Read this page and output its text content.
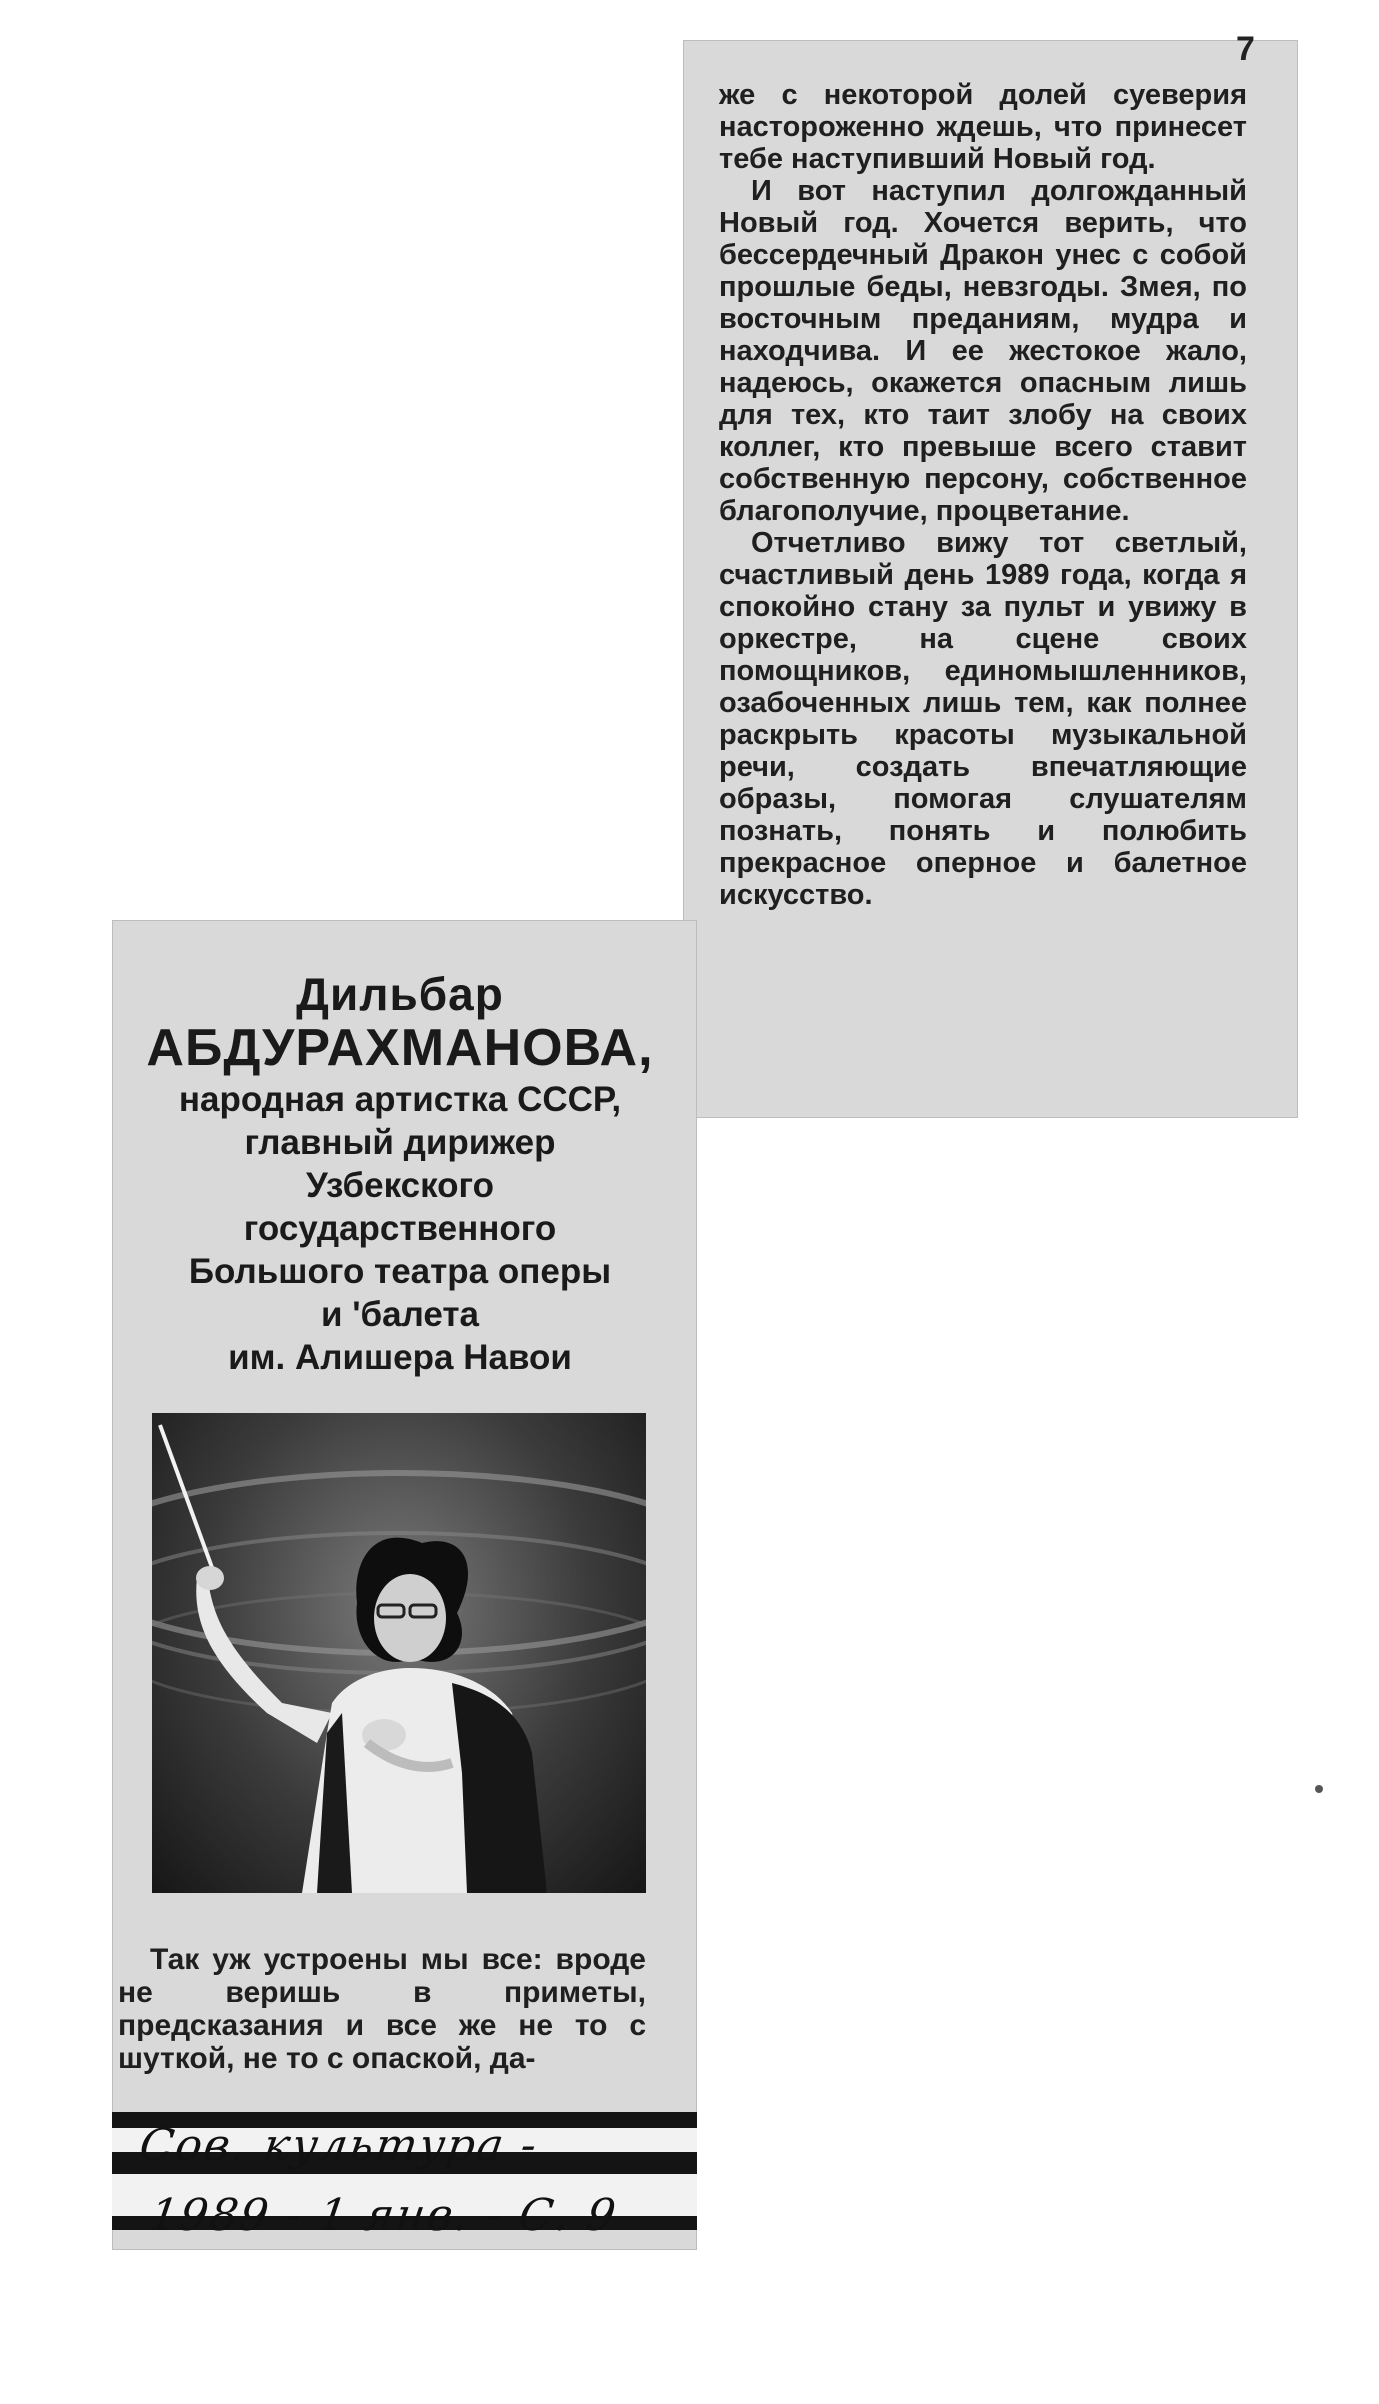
7

же с некоторой долей суеверия настороженно ждешь, что принесет тебе наступивший Новый год.

И вот наступил долгожданный Новый год. Хочется верить, что бессердечный Дракон унес с собой прошлые беды, невзгоды. Змея, по восточным преданиям, мудра и находчива. И ее жестокое жало, надеюсь, окажется опасным лишь для тех, кто таит злобу на своих коллег, кто превыше всего ставит собственную персону, собственное благополучие, процветание.

Отчетливо вижу тот светлый, счастливый день 1989 года, когда я спокойно стану за пульт и увижу в оркестре, на сцене своих помощников, единомышленников, озабоченных лишь тем, как полнее раскрыть красоты музыкальной речи, создать впечатляющие образы, помогая слушателям познать, понять и полюбить прекрасное оперное и балетное искусство.

Дильбар
АБДУРАХМАНОВА,
народная артистка СССР,
главный дирижер
Узбекского
государственного
Большого театра оперы
и 'балета
им. Алишера Навои

Так уж устроены мы все: вроде не веришь в приметы, предсказания и все же не то с шуткой, не то с опаской, да-

Сов. культура -
1989 - 1 янв. - С. 9
